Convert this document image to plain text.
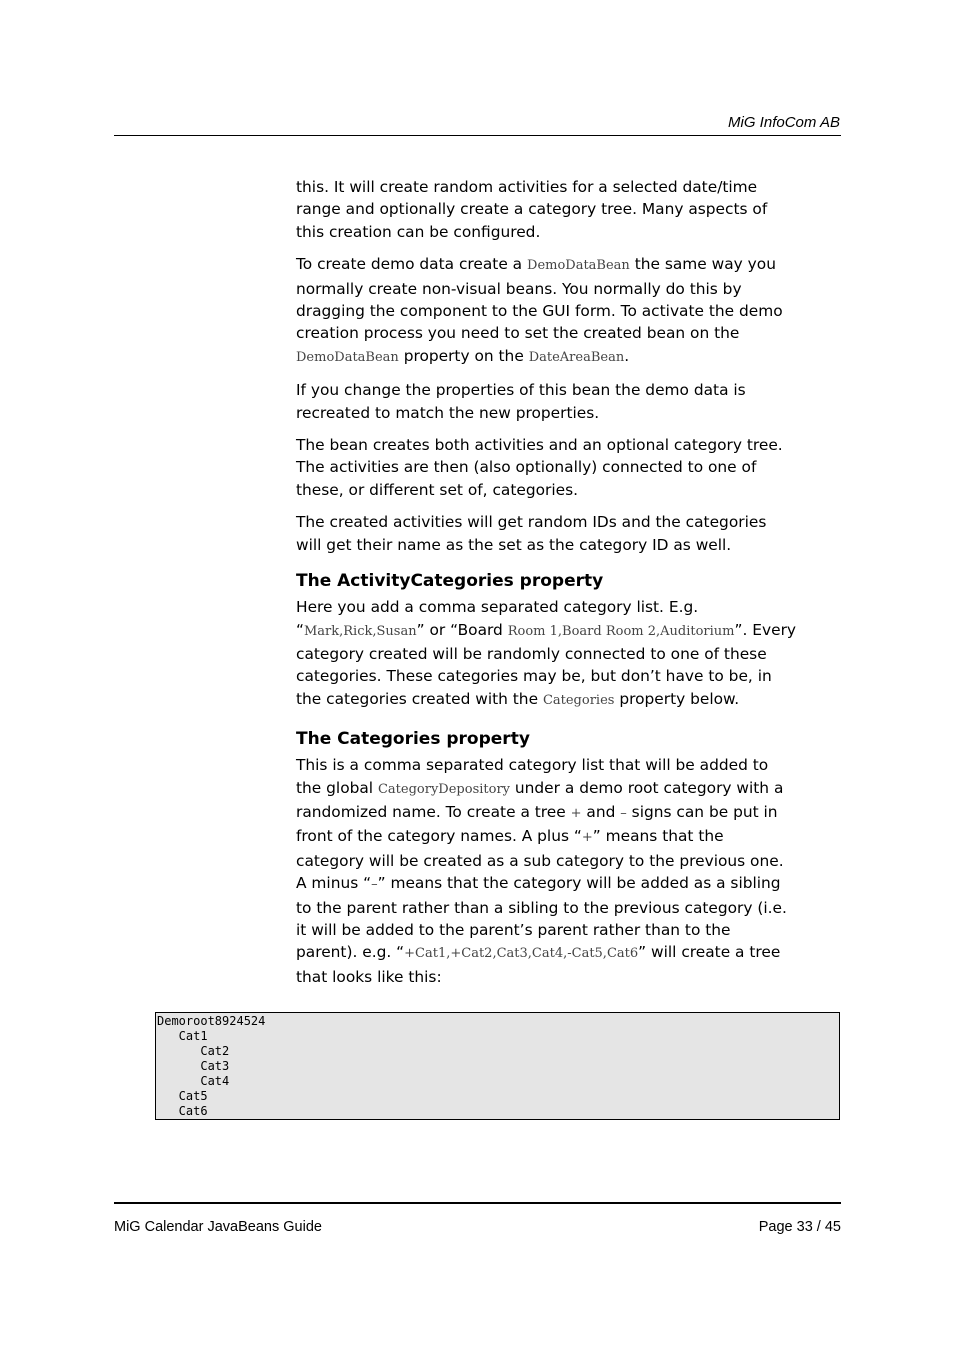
MiG InfoCom AB

this. It will create random activities for a selected date/time range and optionally create a category tree. Many aspects of this creation can be configured.

To create demo data create a DemoDataBean the same way you normally create non-visual beans. You normally do this by dragging the component to the GUI form. To activate the demo creation process you need to set the created bean on the DemoDataBean property on the DateAreaBean.

If you change the properties of this bean the demo data is recreated to match the new properties.

The bean creates both activities and an optional category tree. The activities are then (also optionally) connected to one of these, or different set of, categories.

The created activities will get random IDs and the categories will get their name as the set as the category ID as well.

The ActivityCategories property

Here you add a comma separated category list. E.g. “Mark,Rick,Susan” or “Board Room 1,Board Room 2,Auditorium”. Every category created will be randomly connected to one of these categories. These categories may be, but don’t have to be, in the categories created with the Categories property below.

The Categories property

This is a comma separated category list that will be added to the global CategoryDepository under a demo root category with a randomized name. To create a tree + and – signs can be put in front of the category names. A plus “+” means that the category will be created as a sub category to the previous one. A minus “–” means that the category will be added as a sibling to the parent rather than a sibling to the previous category (i.e. it will be added to the parent’s parent rather than to the parent). e.g. “+Cat1,+Cat2,Cat3,Cat4,-Cat5,Cat6” will create a tree that looks like this:

Demoroot8924524
Cat1
Cat2
Cat3
Cat4
Cat5
Cat6
MiG Calendar JavaBeans Guide	Page 33 / 45
